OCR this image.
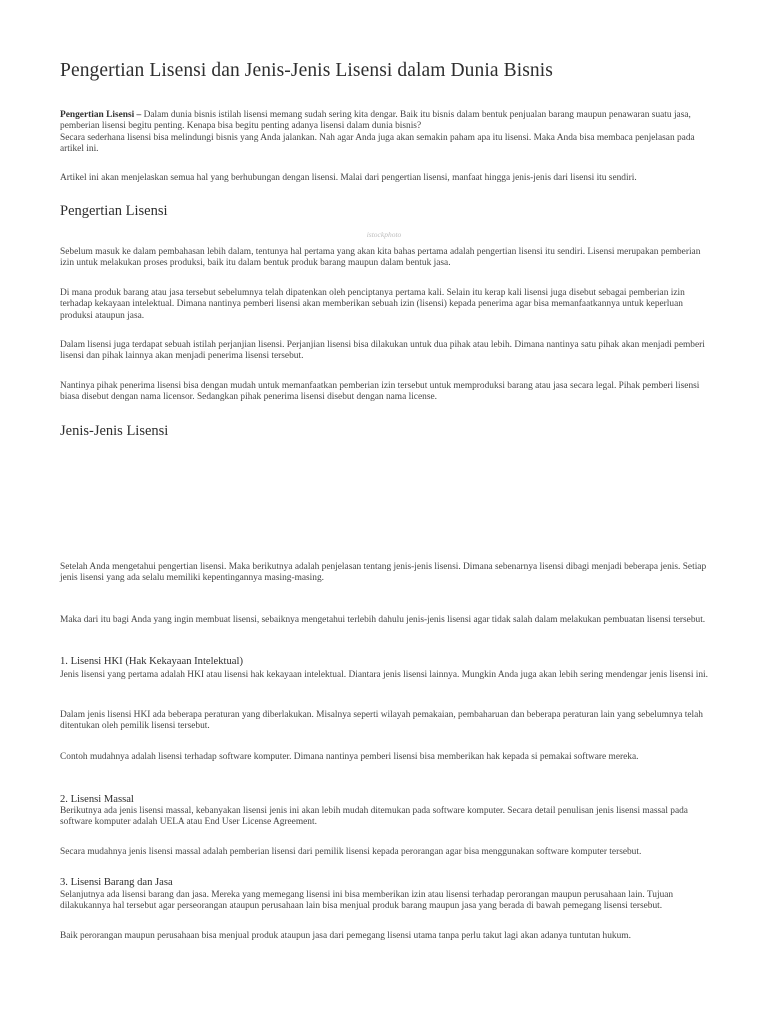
Pengertian Lisensi dan Jenis-Jenis Lisensi dalam Dunia Bisnis

Pengertian Lisensi – Dalam dunia bisnis istilah lisensi memang sudah sering kita dengar. Baik itu bisnis dalam bentuk penjualan barang maupun penawaran suatu jasa, pemberian lisensi begitu penting. Kenapa bisa begitu penting adanya lisensi dalam dunia bisnis?
Secara sederhana lisensi bisa melindungi bisnis yang Anda jalankan. Nah agar Anda juga akan semakin paham apa itu lisensi. Maka Anda bisa membaca penjelasan pada artikel ini.

Artikel ini akan menjelaskan semua hal yang berhubungan dengan lisensi. Malai dari pengertian lisensi, manfaat hingga jenis-jenis dari lisensi itu sendiri.

Pengertian Lisensi

istockphoto

Sebelum masuk ke dalam pembahasan lebih dalam, tentunya hal pertama yang akan kita bahas pertama adalah pengertian lisensi itu sendiri. Lisensi merupakan pemberian izin untuk melakukan proses produksi, baik itu dalam bentuk produk barang maupun dalam bentuk jasa.

Di mana produk barang atau jasa tersebut sebelumnya telah dipatenkan oleh penciptanya pertama kali. Selain itu kerap kali lisensi juga disebut sebagai pemberian izin terhadap kekayaan intelektual. Dimana nantinya pemberi lisensi akan memberikan sebuah izin (lisensi) kepada penerima agar bisa memanfaatkannya untuk keperluan produksi ataupun jasa.

Dalam lisensi juga terdapat sebuah istilah perjanjian lisensi. Perjanjian lisensi bisa dilakukan untuk dua pihak atau lebih. Dimana nantinya satu pihak akan menjadi pemberi lisensi dan pihak lainnya akan menjadi penerima lisensi tersebut.

Nantinya pihak penerima lisensi bisa dengan mudah untuk memanfaatkan pemberian izin tersebut untuk memproduksi barang atau jasa secara legal. Pihak pemberi lisensi biasa disebut dengan nama licensor. Sedangkan pihak penerima lisensi disebut dengan nama license.

Jenis-Jenis Lisensi

Setelah Anda mengetahui pengertian lisensi. Maka berikutnya adalah penjelasan tentang jenis-jenis lisensi. Dimana sebenarnya lisensi dibagi menjadi beberapa jenis. Setiap jenis lisensi yang ada selalu memiliki kepentingannya masing-masing.

Maka dari itu bagi Anda yang ingin membuat lisensi, sebaiknya mengetahui terlebih dahulu jenis-jenis lisensi agar tidak salah dalam melakukan pembuatan lisensi tersebut.

1. Lisensi HKI (Hak Kekayaan Intelektual)

Jenis lisensi yang pertama adalah HKI atau lisensi hak kekayaan intelektual. Diantara jenis lisensi lainnya. Mungkin Anda juga akan lebih sering mendengar jenis lisensi ini.

Dalam jenis lisensi HKI ada beberapa peraturan yang diberlakukan. Misalnya seperti wilayah pemakaian, pembaharuan dan beberapa peraturan lain yang sebelumnya telah ditentukan oleh pemilik lisensi tersebut.

Contoh mudahnya adalah lisensi terhadap software komputer. Dimana nantinya pemberi lisensi bisa memberikan hak kepada si pemakai software mereka.

2. Lisensi Massal

Berikutnya ada jenis lisensi massal, kebanyakan lisensi jenis ini akan lebih mudah ditemukan pada software komputer. Secara detail penulisan jenis lisensi massal pada software komputer adalah UELA atau End User License Agreement.

Secara mudahnya jenis lisensi massal adalah pemberian lisensi dari pemilik lisensi kepada perorangan agar bisa menggunakan software komputer tersebut.

3. Lisensi Barang dan Jasa

Selanjutnya ada lisensi barang dan jasa. Mereka yang memegang lisensi ini bisa memberikan izin atau lisensi terhadap perorangan maupun perusahaan lain. Tujuan dilakukannya hal tersebut agar perseorangan ataupun perusahaan lain bisa menjual produk barang maupun jasa yang berada di bawah pemegang lisensi tersebut.

Baik perorangan maupun perusahaan bisa menjual produk ataupun jasa dari pemegang lisensi utama tanpa perlu takut lagi akan adanya tuntutan hukum.
